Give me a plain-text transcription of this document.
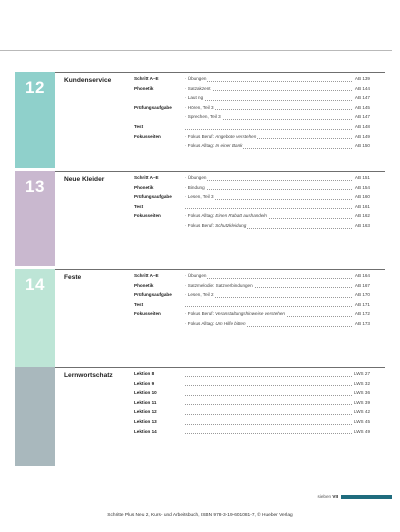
12	Kundenservice	Schritt A–E	· Übungen	AB 139
Phonetik	· Satzakzent	AB 144
· Laut ng	AB 147
Prüfungsaufgabe	· Hören, Teil 3	AB 145
· Sprechen, Teil 3	AB 147
Test	AB 148
Fokusseiten	· Fokus Beruf: Angebote verstehen	AB 149
· Fokus Alltag: In einer Bank	AB 150
13	Neue Kleider	Schritt A–E	· Übungen	AB 151
Phonetik	· Bindung	AB 154
Prüfungsaufgabe	· Lesen, Teil 3	AB 160
Test	AB 161
Fokusseiten	· Fokus Alltag: Einen Rabatt aushandeln	AB 162
· Fokus Beruf: Schutzkleidung	AB 163
14	Feste	Schritt A–E	· Übungen	AB 164
Phonetik	· Satzmelodie: Satzverbindungen	AB 167
Prüfungsaufgabe	· Lesen, Teil 2	AB 170
Test	AB 171
Fokusseiten	· Fokus Beruf: Veranstaltungshinweise verstehen	AB 172
· Fokus Alltag: Um Hilfe bitten	AB 173
Lernwortschatz	Lektion 8	LWS 27
Lektion 9	LWS 32
Lektion 10	LWS 36
Lektion 11	LWS 39
Lektion 12	LWS 42
Lektion 13	LWS 45
Lektion 14	LWS 49
sieben VII
Schritte Plus Neu 2, Kurs- und Arbeitsbuch, ISBN 978-3-19-601081-7, © Hueber Verlag
